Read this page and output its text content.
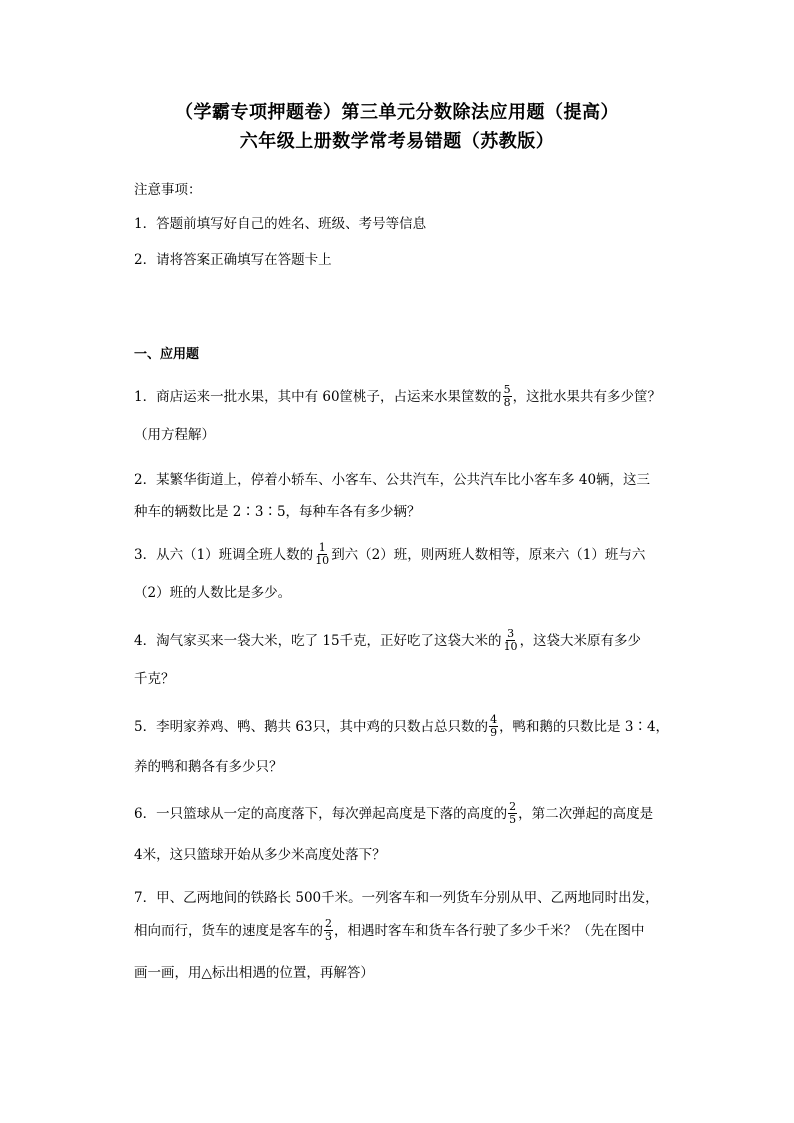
（学霸专项押题卷）第三单元分数除法应用题（提高）
六年级上册数学常考易错题（苏教版）
注意事项：
1．答题前填写好自己的姓名、班级、考号等信息
2．请将答案正确填写在答题卡上
一、应用题
1．商店运来一批水果，其中有 60筐桃子，占运来水果筐数的 $\frac{5}{8}$ ，这批水果共有多少筐？
（用方程解）
2．某繁华街道上，停着小轿车、小客车、公共汽车，公共汽车比小客车多 40辆，这三
种车的辆数比是 2∶3∶5，每种车各有多少辆？
3．从六（1）班调全班人数的 $\frac{1}{10}$ 到六（2）班，则两班人数相等，原来六（1）班与六
（2）班的人数比是多少。
4．淘气家买来一袋大米，吃了 15千克，正好吃了这袋大米的 $\frac{3}{10}$ ，这袋大米原有多少
千克？
5．李明家养鸡、鸭、鹅共 63只，其中鸡的只数占总只数的 $\frac{4}{9}$ ，鸭和鹅的只数比是 3∶4，
养的鸭和鹅各有多少只？
6．一只篮球从一定的高度落下，每次弹起高度是下落的高度的 $\frac{2}{5}$ ，第二次弹起的高度是
4米，这只篮球开始从多少米高度处落下？
7．甲、乙两地间的铁路长 500千米。一列客车和一列货车分别从甲、乙两地同时出发，
相向而行，货车的速度是客车的 $\frac{2}{3}$ ，相遇时客车和货车各行驶了多少千米？（先在图中
画一画，用△标出相遇的位置，再解答）
